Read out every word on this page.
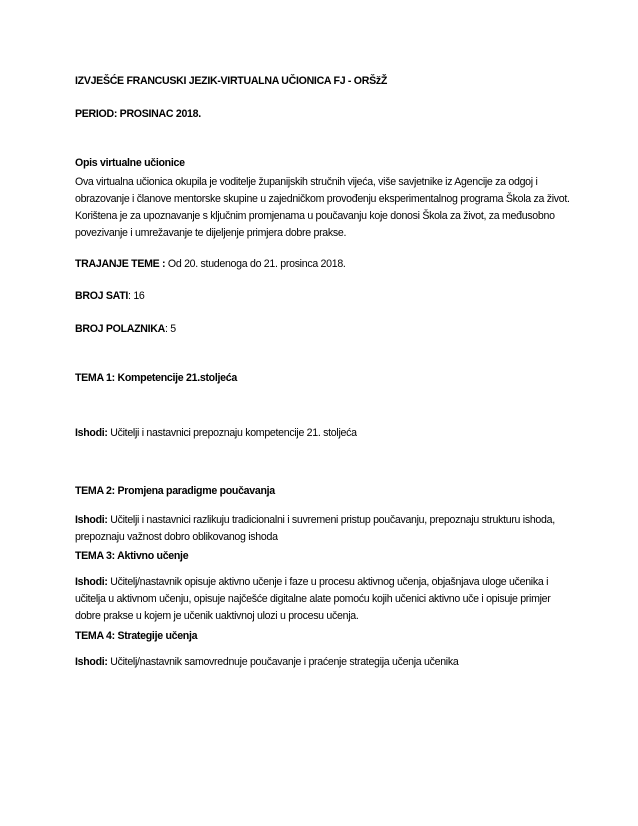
IZVJEŠĆE FRANCUSKI JEZIK-VIRTUALNA UČIONICA FJ - ORŠžŽ
PERIOD: PROSINAC 2018.
Opis virtualne učionice
Ova virtualna učionica okupila je voditelje županijskih stručnih vijeća, više savjetnike iz Agencije za odgoj i obrazovanje i članove mentorske skupine u zajedničkom provođenju eksperimentalnog programa Škola za život. Korištena je za upoznavanje s ključnim promjenama u poučavanju koje donosi Škola za život, za međusobno povezivanje i umrežavanje te dijeljenje primjera dobre prakse.
TRAJANJE TEME : Od 20. studenoga do 21. prosinca 2018.
BROJ SATI: 16
BROJ POLAZNIKA: 5
TEMA 1: Kompetencije 21.stoljeća
Ishodi: Učitelji i nastavnici prepoznaju kompetencije 21. stoljeća
TEMA 2: Promjena paradigme poučavanja
Ishodi: Učitelji i nastavnici razlikuju tradicionalni i suvremeni pristup poučavanju, prepoznaju strukturu ishoda, prepoznaju važnost dobro oblikovanog ishoda
TEMA 3: Aktivno učenje
Ishodi: Učitelj/nastavnik opisuje aktivno učenje i faze u procesu aktivnog učenja, objašnjava uloge učenika i učitelja u aktivnom učenju, opisuje najčešće digitalne alate pomoću kojih učenici aktivno uče i opisuje primjer dobre prakse u kojem je učenik uaktivnoj ulozi u procesu učenja.
TEMA 4: Strategije učenja
Ishodi: Učitelj/nastavnik samovrednuje poučavanje i praćenje strategija učenja učenika
